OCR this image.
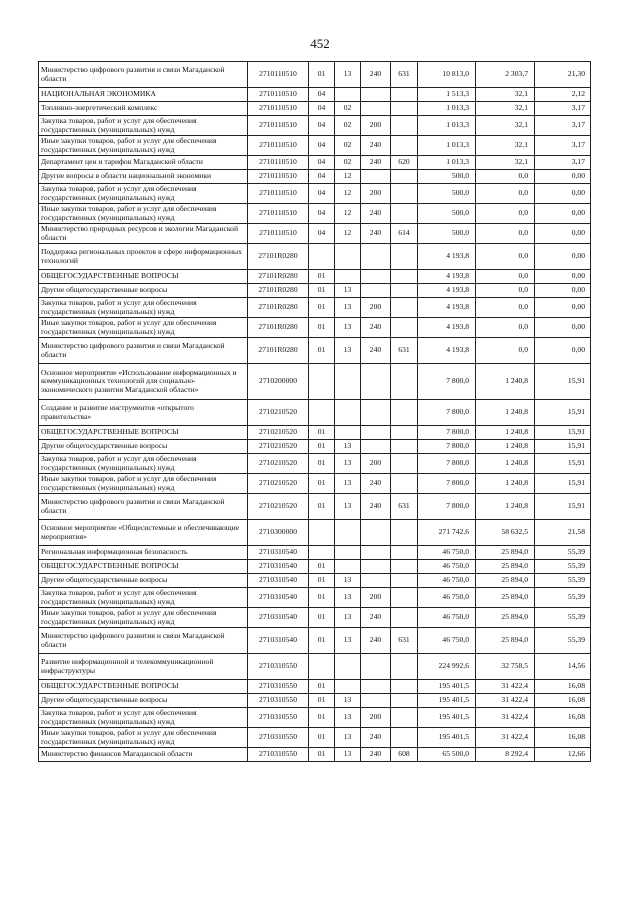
452
Министерство цифрового развития и связи Магаданской области	2710110510	01	13	240	631	10 813,0	2 303,7	21,30
НАЦИОНАЛЬНАЯ ЭКОНОМИКА	2710110510	04				1 513,3	32,1	2,12
Топливно-энергетический комплекс	2710110510	04	02			1 013,3	32,1	3,17
Закупка товаров, работ и услуг для обеспечения государственных (муниципальных) нужд	2710110510	04	02	200		1 013,3	32,1	3,17
Иные закупки товаров, работ и услуг для обеспечения государственных (муниципальных) нужд	2710110510	04	02	240		1 013,3	32,1	3,17
Департамент цен и тарифов Магаданской области	2710110510	04	02	240	620	1 013,3	32,1	3,17
Другие вопросы в области национальной экономики	2710110510	04	12			500,0	0,0	0,00
Закупка товаров, работ и услуг для обеспечения государственных (муниципальных) нужд	2710110510	04	12	200		500,0	0,0	0,00
Иные закупки товаров, работ и услуг для обеспечения государственных (муниципальных) нужд	2710110510	04	12	240		500,0	0,0	0,00
Министерство природных ресурсов и экологии Магаданской области	2710110510	04	12	240	614	500,0	0,0	0,00
Поддержка региональных проектов в сфере информационных технологий	27101R0280					4 193,8	0,0	0,00
ОБЩЕГОСУДАРСТВЕННЫЕ ВОПРОСЫ	27101R0280	01				4 193,8	0,0	0,00
Другие общегосударственные вопросы	27101R0280	01	13			4 193,8	0,0	0,00
Закупка товаров, работ и услуг для обеспечения государственных (муниципальных) нужд	27101R0280	01	13	200		4 193,8	0,0	0,00
Иные закупки товаров, работ и услуг для обеспечения государственных (муниципальных) нужд	27101R0280	01	13	240		4 193,8	0,0	0,00
Министерство цифрового развития и связи Магаданской области	27101R0280	01	13	240	631	4 193,8	0,0	0,00
Основное мероприятие «Использование информационных и коммуникационных технологий для социально-экономического развития Магаданской области»	2710200000					7 800,0	1 240,8	15,91
Создание и развитие инструментов «открытого правительства»	2710210520					7 800,0	1 240,8	15,91
ОБЩЕГОСУДАРСТВЕННЫЕ ВОПРОСЫ	2710210520	01				7 800,0	1 240,8	15,91
Другие общегосударственные вопросы	2710210520	01	13			7 800,0	1 240,8	15,91
Закупка товаров, работ и услуг для обеспечения государственных (муниципальных) нужд	2710210520	01	13	200		7 800,0	1 240,8	15,91
Иные закупки товаров, работ и услуг для обеспечения государственных (муниципальных) нужд	2710210520	01	13	240		7 800,0	1 240,8	15,91
Министерство цифрового развития и связи Магаданской области	2710210520	01	13	240	631	7 800,0	1 240,8	15,91
Основное мероприятие «Общесистемные и обеспечивающие мероприятия»	2710300000					271 742,6	58 632,5	21,58
Региональная информационная безопасность	2710310540					46 750,0	25 894,0	55,39
ОБЩЕГОСУДАРСТВЕННЫЕ ВОПРОСЫ	2710310540	01				46 750,0	25 894,0	55,39
Другие общегосударственные вопросы	2710310540	01	13			46 750,0	25 894,0	55,39
Закупка товаров, работ и услуг для обеспечения государственных (муниципальных) нужд	2710310540	01	13	200		46 750,0	25 894,0	55,39
Иные закупки товаров, работ и услуг для обеспечения государственных (муниципальных) нужд	2710310540	01	13	240		46 750,0	25 894,0	55,39
Министерство цифрового развития и связи Магаданской области	2710310540	01	13	240	631	46 750,0	25 894,0	55,39
Развитие информационной и телекоммуникационной инфраструктуры	2710310550					224 992,6	32 758,5	14,56
ОБЩЕГОСУДАРСТВЕННЫЕ ВОПРОСЫ	2710310550	01				195 401,5	31 422,4	16,08
Другие общегосударственные вопросы	2710310550	01	13			195 401,5	31 422,4	16,08
Закупка товаров, работ и услуг для обеспечения государственных (муниципальных) нужд	2710310550	01	13	200		195 401,5	31 422,4	16,08
Иные закупки товаров, работ и услуг для обеспечения государственных (муниципальных) нужд	2710310550	01	13	240		195 401,5	31 422,4	16,08
Министерство финансов Магаданской области	2710310550	01	13	240	608	65 500,0	8 292,4	12,66
